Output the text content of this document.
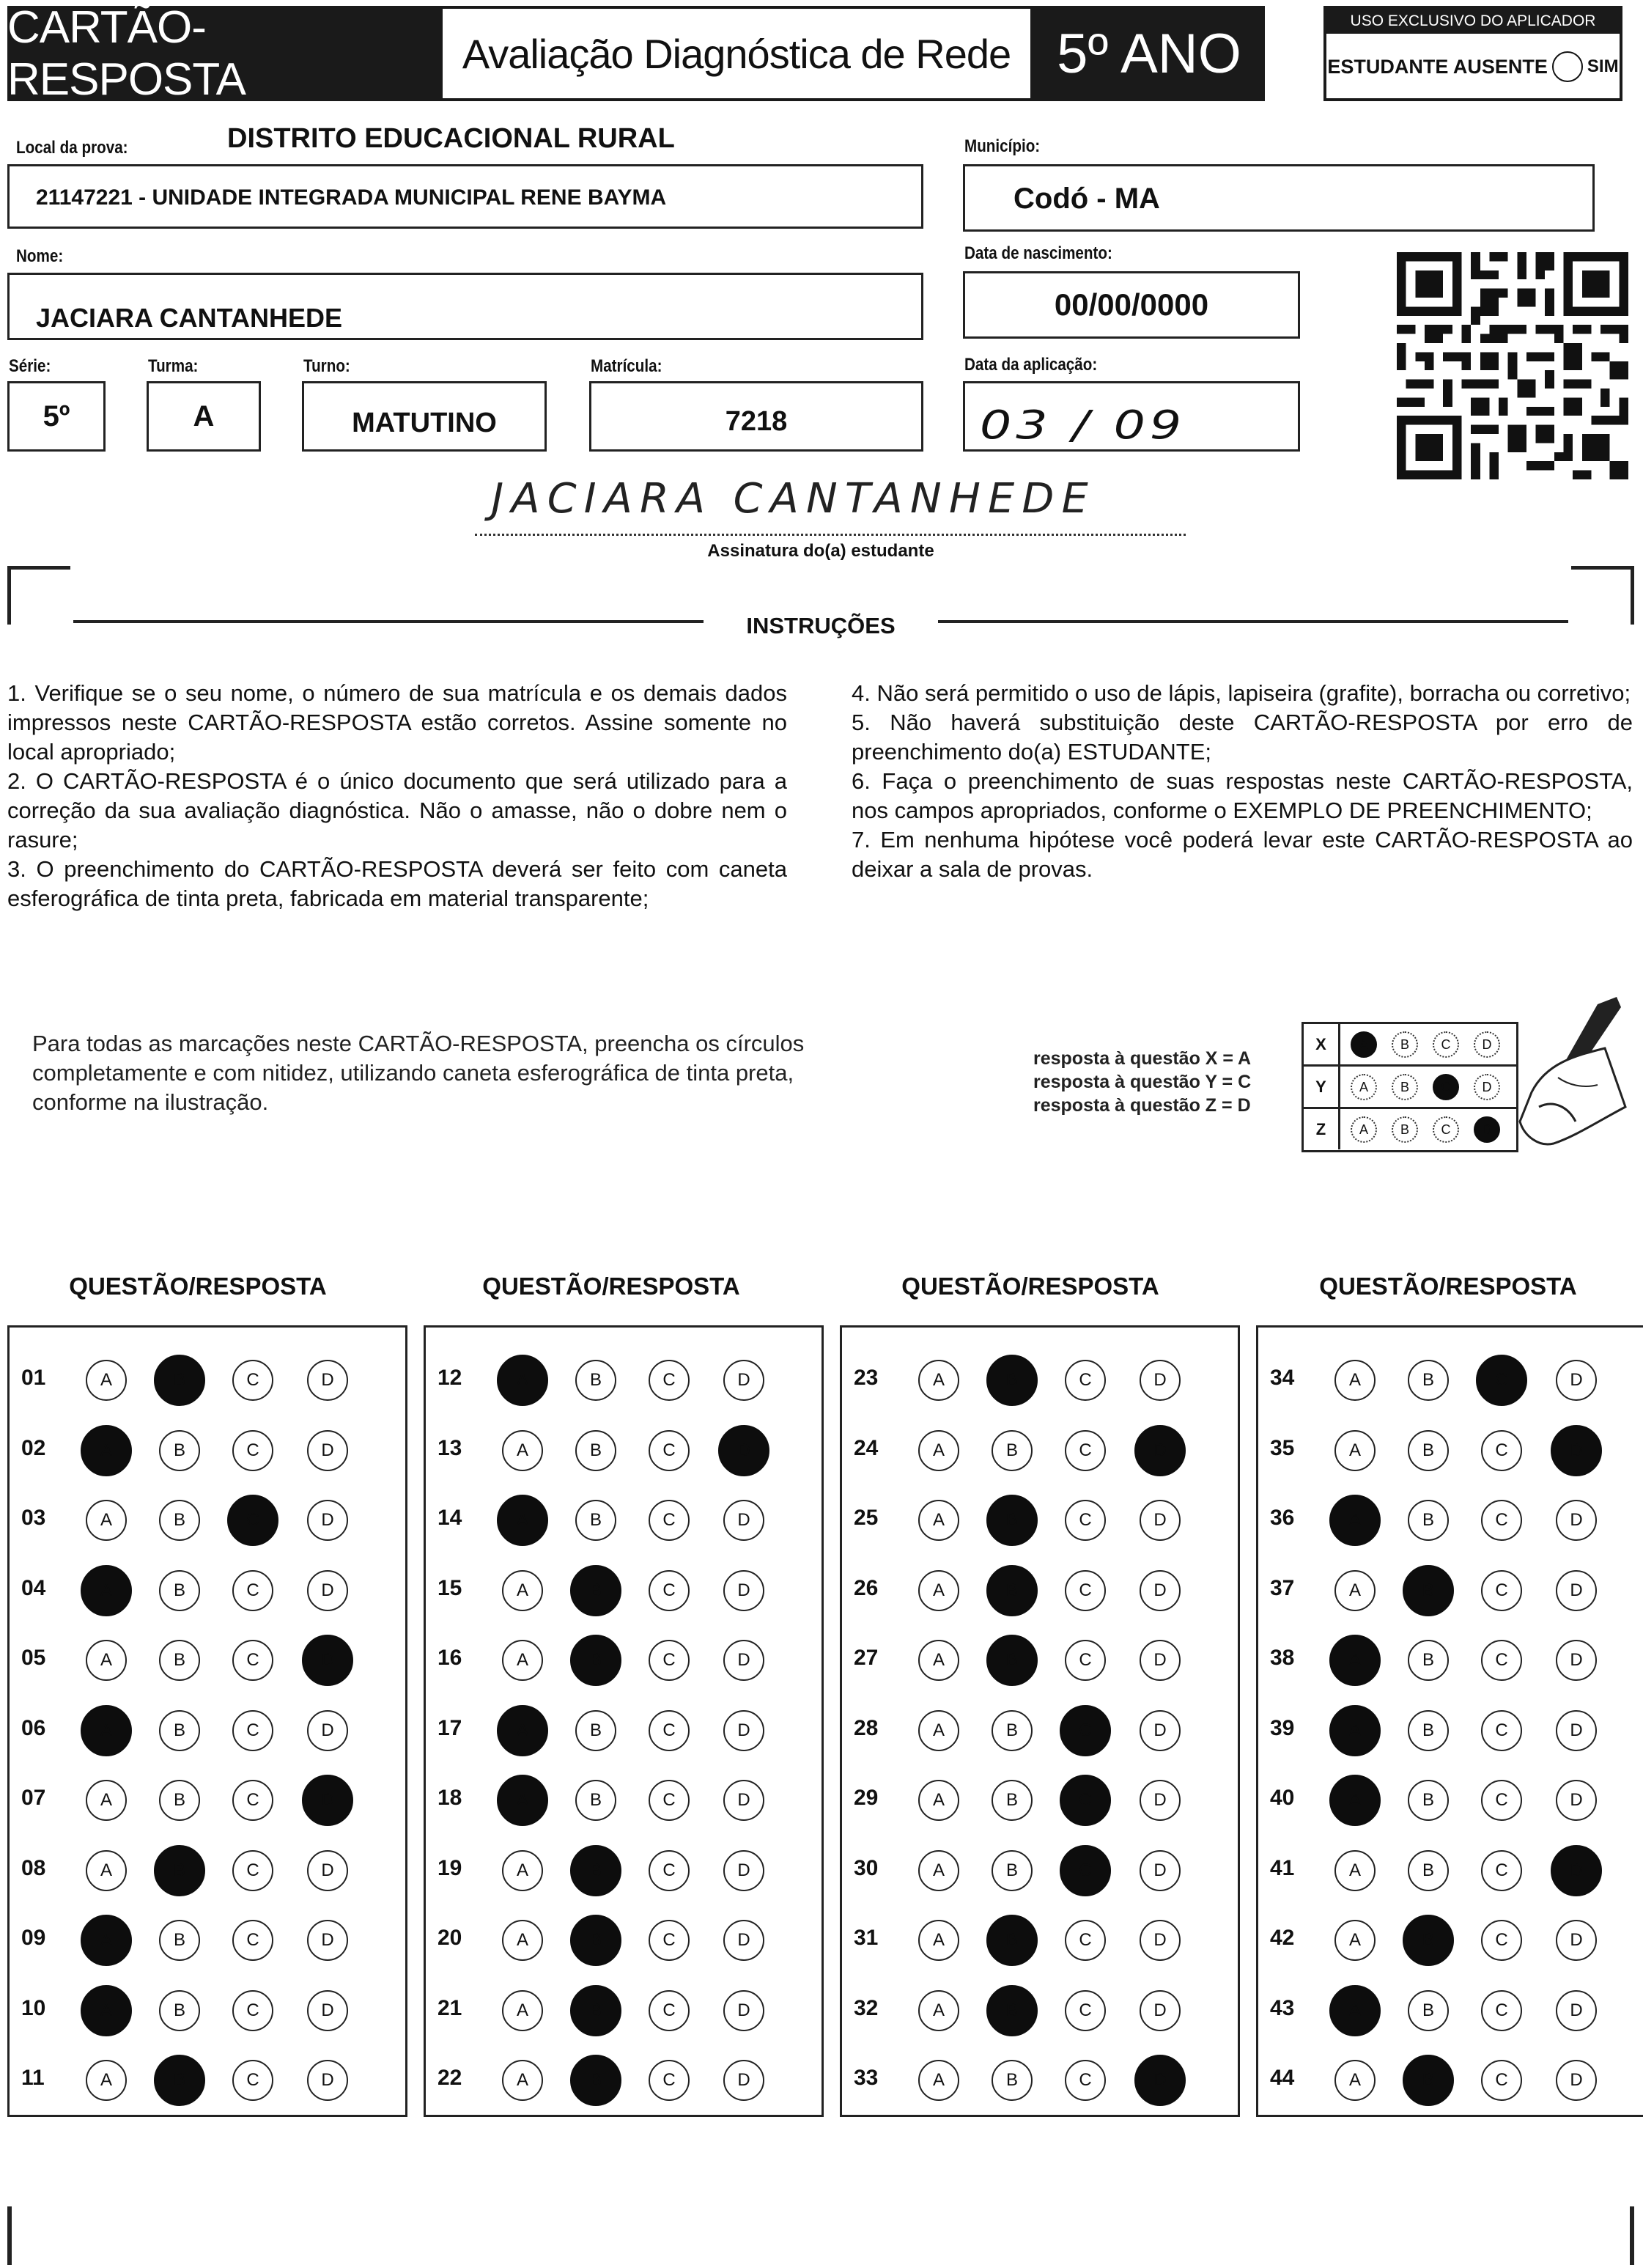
CARTÃO-RESPOSTA
Avaliação Diagnóstica de Rede 5º ANO
USO EXCLUSIVO DO APLICADOR
ESTUDANTE AUSENTE SIM
Local da prova:	DISTRITO EDUCACIONAL RURAL
21147221 - UNIDADE INTEGRADA MUNICIPAL RENE BAYMA
Município:
Codó - MA
Nome:
JACIARA CANTANHEDE
Data de nascimento:
00/00/0000
Série:
5º
Turma:
A
Turno:
MATUTINO
Matrícula:
7218
Data da aplicação:
03 / 09
JACIARA CANTANHEDE
Assinatura do(a) estudante
INSTRUÇÕES
1. Verifique se o seu nome, o número de sua matrícula e os demais dados impressos neste CARTÃO-RESPOSTA estão corretos. Assine somente no local apropriado;
2. O CARTÃO-RESPOSTA é o único documento que será utilizado para a correção da sua avaliação diagnóstica. Não o amasse, não o dobre nem o rasure;
3. O preenchimento do CARTÃO-RESPOSTA deverá ser feito com caneta esferográfica de tinta preta, fabricada em material transparente;
4. Não será permitido o uso de lápis, lapiseira (grafite), borracha ou corretivo;
5. Não haverá substituição deste CARTÃO-RESPOSTA por erro de preenchimento do(a) ESTUDANTE;
6. Faça o preenchimento de suas respostas neste CARTÃO-RESPOSTA, nos campos apropriados, conforme o EXEMPLO DE PREENCHIMENTO;
7. Em nenhuma hipótese você poderá levar este CARTÃO-RESPOSTA ao deixar a sala de provas.
Para todas as marcações neste CARTÃO-RESPOSTA, preencha os círculos completamente e com nitidez, utilizando caneta esferográfica de tinta preta, conforme na ilustração.
resposta à questão X = A
resposta à questão Y = C
resposta à questão Z = D
X	A	B	C	D
Y	A	B	C	D
Z	A	B	C	D
QUESTÃO/RESPOSTA	QUESTÃO/RESPOSTA	QUESTÃO/RESPOSTA	QUESTÃO/RESPOSTA
01	A	B	C	D
02	A	B	C	D
03	A	B	C	D
04	A	B	C	D
05	A	B	C	D
06	A	B	C	D
07	A	B	C	D
08	A	B	C	D
09	A	B	C	D
10	A	B	C	D
11	A	B	C	D
12	A	B	C	D
13	A	B	C	D
14	A	B	C	D
15	A	B	C	D
16	A	B	C	D
17	A	B	C	D
18	A	B	C	D
19	A	B	C	D
20	A	B	C	D
21	A	B	C	D
22	A	B	C	D
23	A	B	C	D
24	A	B	C	D
25	A	B	C	D
26	A	B	C	D
27	A	B	C	D
28	A	B	C	D
29	A	B	C	D
30	A	B	C	D
31	A	B	C	D
32	A	B	C	D
33	A	B	C	D
34	A	B	C	D
35	A	B	C	D
36	A	B	C	D
37	A	B	C	D
38	A	B	C	D
39	A	B	C	D
40	A	B	C	D
41	A	B	C	D
42	A	B	C	D
43	A	B	C	D
44	A	B	C	D
